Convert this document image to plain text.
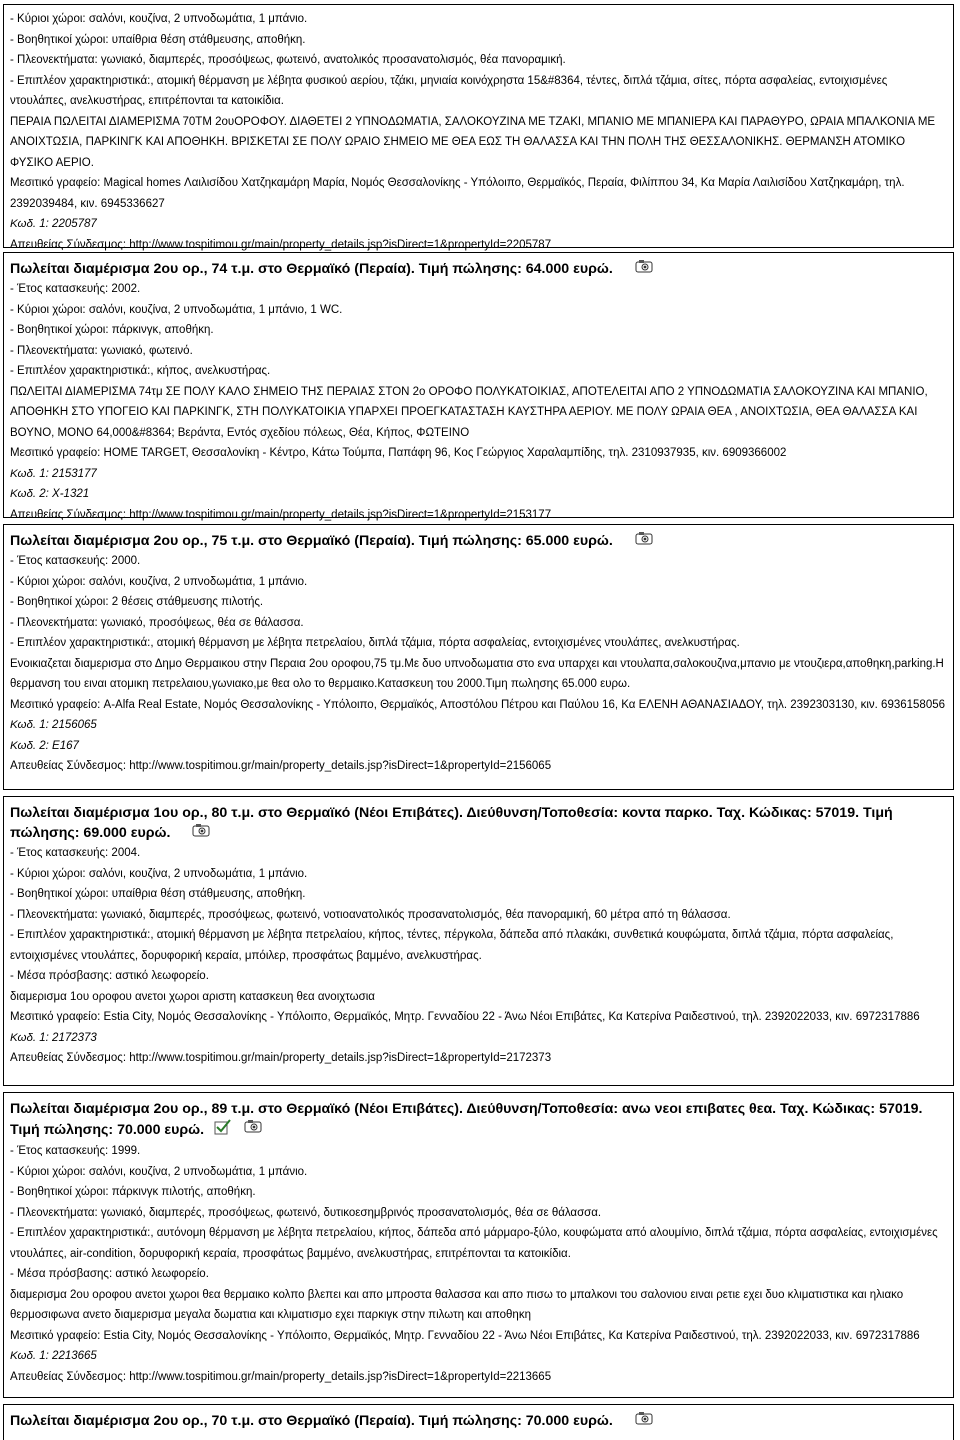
- Κύριοι χώροι: σαλόνι, κουζίνα, 2 υπνοδωμάτια, 1 μπάνιο.
- Βοηθητικοί χώροι: υπαίθρια θέση στάθμευσης, αποθήκη.
- Πλεονεκτήματα: γωνιακό, διαμπερές, προσόψεως, φωτεινό, ανατολικός προσανατολισμός, θέα πανοραμική.
- Επιπλέον χαρακτηριστικά:, ατομική θέρμανση με λέβητα φυσικού αερίου, τζάκι, μηνιαία κοινόχρηστα 15&#8364, τέντες, διπλά τζάμια, σίτες, πόρτα ασφαλείας, εντοιχισμένες ντουλάπες, ανελκυστήρας, επιτρέπονται τα κατοικίδια.
ΠΕΡΑΙΑ ΠΩΛΕΙΤΑΙ ΔΙΑΜΕΡΙΣΜΑ 70ΤΜ 2ουΟΡΟΦΟΥ. ΔΙΑΘΕΤΕΙ 2 ΥΠΝΟΔΩΜΑΤΙΑ, ΣΑΛΟΚΟΥΖΙΝΑ ΜΕ ΤΖΑΚΙ, ΜΠΑΝΙΟ ΜΕ ΜΠΑΝΙΕΡΑ ΚΑΙ ΠΑΡΑΘΥΡΟ, ΩΡΑΙΑ ΜΠΑΛΚΟΝΙΑ ΜΕ ΑΝΟΙΧΤΩΣΙΑ, ΠΑΡΚΙΝΓΚ ΚΑΙ ΑΠΟΘΗΚΗ. ΒΡΙΣΚΕΤΑΙ ΣΕ ΠΟΛΥ ΩΡΑΙΟ ΣΗΜΕΙΟ ΜΕ ΘΕΑ ΕΩΣ ΤΗ ΘΑΛΑΣΣΑ ΚΑΙ ΤΗΝ ΠΟΛΗ ΤΗΣ ΘΕΣΣΑΛΟΝΙΚΗΣ. ΘΕΡΜΑΝΣΗ ΑΤΟΜΙΚΟ ΦΥΣΙΚΟ ΑΕΡΙΟ.
Μεσιτικό γραφείο: Magical homes Λαιλισίδου Χατζηκαμάρη Μαρία, Νομός Θεσσαλονίκης - Υπόλοιπο, Θερμαϊκός, Περαία, Φιλίππου 34, Κα Μαρία Λαιλισίδου Χατζηκαμάρη, τηλ. 2392039484, κιν. 6945336627
Κωδ. 1: 2205787
Απευθείας Σύνδεσμος: http://www.tospitimou.gr/main/property_details.jsp?isDirect=1&propertyId=2205787
Πωλείται διαμέρισμα 2ου ορ., 74 τ.μ. στο Θερμαϊκό (Περαία). Τιμή πώλησης: 64.000 ευρώ.
- Έτος κατασκευής: 2002.
- Κύριοι χώροι: σαλόνι, κουζίνα, 2 υπνοδωμάτια, 1 μπάνιο, 1 WC.
- Βοηθητικοί χώροι: πάρκινγκ, αποθήκη.
- Πλεονεκτήματα: γωνιακό, φωτεινό.
- Επιπλέον χαρακτηριστικά:, κήπος, ανελκυστήρας.
ΠΩΛΕΙΤΑΙ ΔΙΑΜΕΡΙΣΜΑ 74τμ ΣΕ ΠΟΛΥ ΚΑΛΟ ΣΗΜΕΙΟ ΤΗΣ ΠΕΡΑΙΑΣ ΣΤΟΝ 2ο ΟΡΟΦΟ ΠΟΛΥΚΑΤΟΙΚΙΑΣ, ΑΠΟΤΕΛΕΙΤΑΙ ΑΠΟ 2 ΥΠΝΟΔΩΜΑΤΙΑ ΣΑΛΟΚΟΥΖΙΝΑ ΚΑΙ ΜΠΑΝΙΟ, ΑΠΟΘΗΚΗ ΣΤΟ ΥΠΟΓΕΙΟ ΚΑΙ ΠΑΡΚΙΝΓΚ, ΣΤΗ ΠΟΛΥΚΑΤΟΙΚΙΑ ΥΠΑΡΧΕΙ ΠΡΟΕΓΚΑΤΑΣΤΑΣΗ ΚΑΥΣΤΗΡΑ ΑΕΡΙΟΥ. ΜΕ ΠΟΛΥ ΩΡΑΙΑ ΘΕΑ , ΑΝΟΙΧΤΩΣΙΑ, ΘΕΑ ΘΑΛΑΣΣΑ ΚΑΙ ΒΟΥΝΟ, ΜΟΝΟ 64,000&#8364; Βεράντα, Εντός σχεδίου πόλεως, Θέα, Κήπος, ΦΩΤΕΙΝΟ
Μεσιτικό γραφείο: HOME TARGET, Θεσσαλονίκη - Κέντρο, Κάτω Τούμπα, Παπάφη 96, Κος Γεώργιος Χαραλαμπίδης, τηλ. 2310937935, κιν. 6909366002
Κωδ. 1: 2153177
Κωδ. 2: X-1321
Απευθείας Σύνδεσμος: http://www.tospitimou.gr/main/property_details.jsp?isDirect=1&propertyId=2153177
Πωλείται διαμέρισμα 2ου ορ., 75 τ.μ. στο Θερμαϊκό (Περαία). Τιμή πώλησης: 65.000 ευρώ.
- Έτος κατασκευής: 2000.
- Κύριοι χώροι: σαλόνι, κουζίνα, 2 υπνοδωμάτια, 1 μπάνιο.
- Βοηθητικοί χώροι: 2 θέσεις στάθμευσης πιλοτής.
- Πλεονεκτήματα: γωνιακό, προσόψεως, θέα σε θάλασσα.
- Επιπλέον χαρακτηριστικά:, ατομική θέρμανση με λέβητα πετρελαίου, διπλά τζάμια, πόρτα ασφαλείας, εντοιχισμένες ντουλάπες, ανελκυστήρας.
Ενοικιαζεται διαμερισμα στο Δημο Θερμαικου στην Περαια 2ου οροφου,75 τμ.Με δυο υπνοδωματια στο ενα υπαρχει και ντουλαπα,σαλοκουζινα,μπανιο με ντουζιερα,αποθηκη,parking.Η θερμανση του ειναι ατομικη πετρελαιου,γωνιακο,με θεα ολο το θερμαικο.Κατασκευη του 2000.Τιμη πωλησης 65.000 ευρω.
Μεσιτικό γραφείο: A-Alfa Real Estate, Νομός Θεσσαλονίκης - Υπόλοιπο, Θερμαϊκός, Αποστόλου Πέτρου και Παύλου 16, Κα ΕΛΕΝΗ ΑΘΑΝΑΣΙΑΔΟΥ, τηλ. 2392303130, κιν. 6936158056
Κωδ. 1: 2156065
Κωδ. 2: E167
Απευθείας Σύνδεσμος: http://www.tospitimou.gr/main/property_details.jsp?isDirect=1&propertyId=2156065
Πωλείται διαμέρισμα 1ου ορ., 80 τ.μ. στο Θερμαϊκό (Νέοι Επιβάτες). Διεύθυνση/Τοποθεσία: κοντα παρκο. Ταχ. Κώδικας: 57019. Τιμή πώλησης: 69.000 ευρώ.
- Έτος κατασκευής: 2004.
- Κύριοι χώροι: σαλόνι, κουζίνα, 2 υπνοδωμάτια, 1 μπάνιο.
- Βοηθητικοί χώροι: υπαίθρια θέση στάθμευσης, αποθήκη.
- Πλεονεκτήματα: γωνιακό, διαμπερές, προσόψεως, φωτεινό, νοτιοανατολικός προσανατολισμός, θέα πανοραμική, 60 μέτρα από τη θάλασσα.
- Επιπλέον χαρακτηριστικά:, ατομική θέρμανση με λέβητα πετρελαίου, κήπος, τέντες, πέργκολα, δάπεδα από πλακάκι, συνθετικά κουφώματα, διπλά τζάμια, πόρτα ασφαλείας, εντοιχισμένες ντουλάπες, δορυφορική κεραία, μπόιλερ, προσφάτως βαμμένο, ανελκυστήρας.
- Μέσα πρόσβασης: αστικό λεωφορείο.
διαμερισμα 1ου οροφου ανετοι χωροι αριστη κατασκευη θεα ανοιχτωσια
Μεσιτικό γραφείο: Estia City, Νομός Θεσσαλονίκης - Υπόλοιπο, Θερμαϊκός, Μητρ. Γενναδίου 22 - Άνω Νέοι Επιβάτες, Κα Κατερίνα Ραιδεστινού, τηλ. 2392022033, κιν. 6972317886
Κωδ. 1: 2172373
Απευθείας Σύνδεσμος: http://www.tospitimou.gr/main/property_details.jsp?isDirect=1&propertyId=2172373
Πωλείται διαμέρισμα 2ου ορ., 89 τ.μ. στο Θερμαϊκό (Νέοι Επιβάτες). Διεύθυνση/Τοποθεσία: ανω νεοι επιβατες θεα. Ταχ. Κώδικας: 57019. Τιμή πώλησης: 70.000 ευρώ.
- Έτος κατασκευής: 1999.
- Κύριοι χώροι: σαλόνι, κουζίνα, 2 υπνοδωμάτια, 1 μπάνιο.
- Βοηθητικοί χώροι: πάρκινγκ πιλοτής, αποθήκη.
- Πλεονεκτήματα: γωνιακό, διαμπερές, προσόψεως, φωτεινό, δυτικοεσημβρινός προσανατολισμός, θέα σε θάλασσα.
- Επιπλέον χαρακτηριστικά:, αυτόνομη θέρμανση με λέβητα πετρελαίου, κήπος, δάπεδα από μάρμαρο-ξύλο, κουφώματα από αλουμίνιο, διπλά τζάμια, πόρτα ασφαλείας, εντοιχισμένες ντουλάπες, air-condition, δορυφορική κεραία, προσφάτως βαμμένο, ανελκυστήρας, επιτρέπονται τα κατοικίδια.
- Μέσα πρόσβασης: αστικό λεωφορείο.
διαμερισμα 2ου οροφου ανετοι χωροι θεα θερμαικο κολπο βλεπει και απο μπροστα θαλασσα και απο πισω το μπαλκονι του σαλονιου ειναι ρετιε εχει δυο κλιματιστικα και ηλιακο θερμοσιφωνα ανετο διαμερισμα μεγαλα δωματια και κλιματισμο εχει παρκιγκ στην πιλωτη και αποθηκη
Μεσιτικό γραφείο: Estia City, Νομός Θεσσαλονίκης - Υπόλοιπο, Θερμαϊκός, Μητρ. Γενναδίου 22 - Άνω Νέοι Επιβάτες, Κα Κατερίνα Ραιδεστινού, τηλ. 2392022033, κιν. 6972317886
Κωδ. 1: 2213665
Απευθείας Σύνδεσμος: http://www.tospitimou.gr/main/property_details.jsp?isDirect=1&propertyId=2213665
Πωλείται διαμέρισμα 2ου ορ., 70 τ.μ. στο Θερμαϊκό (Περαία). Τιμή πώλησης: 70.000 ευρώ.
